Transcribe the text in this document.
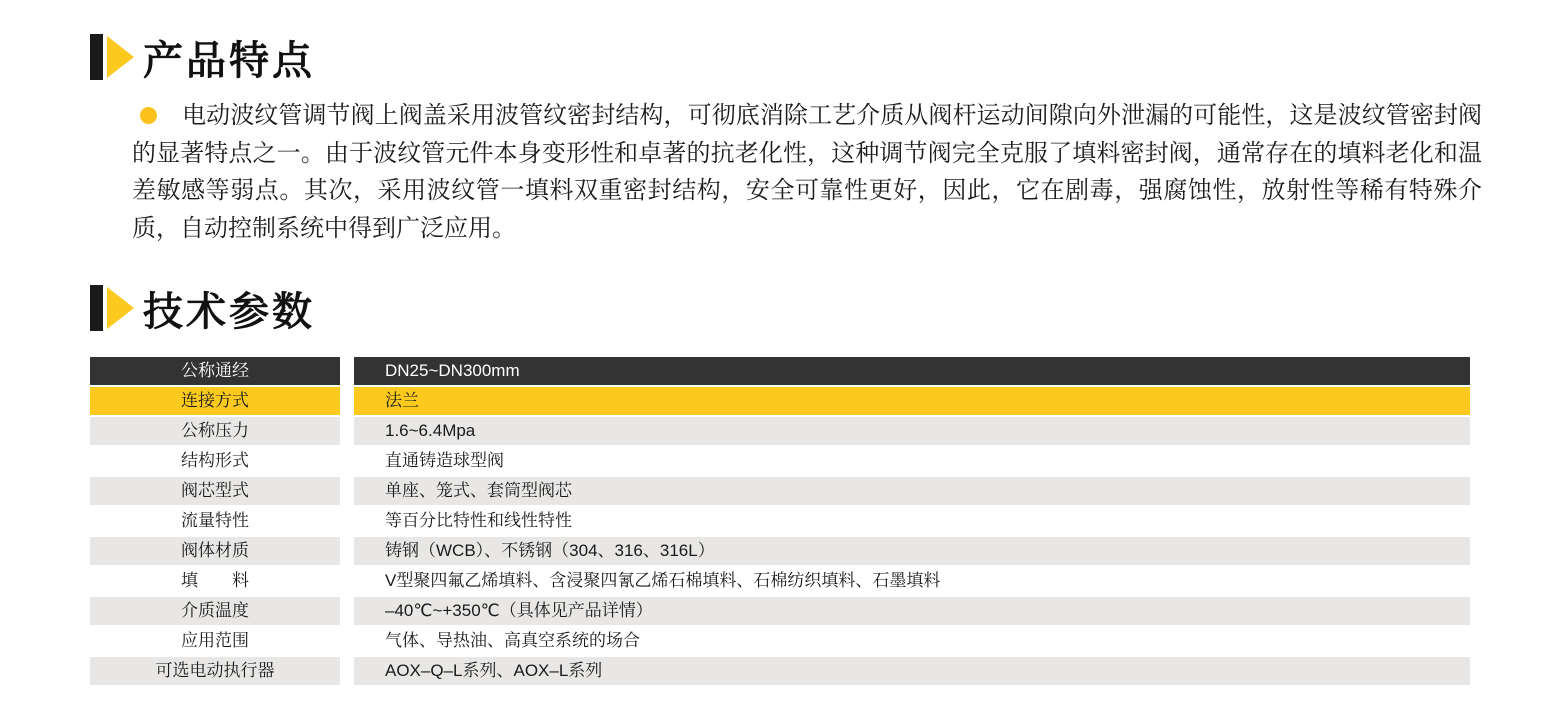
产品特点

电动波纹管调节阀上阀盖采用波管纹密封结构，可彻底消除工艺介质从阀杆运动间隙向外泄漏的可能性，这是波纹管密封阀的显著特点之一。由于波纹管元件本身变形性和卓著的抗老化性，这种调节阀完全克服了填料密封阀，通常存在的填料老化和温差敏感等弱点。其次，采用波纹管一填料双重密封结构，安全可靠性更好，因此，它在剧毒，强腐蚀性，放射性等稀有特殊介质，自动控制系统中得到广泛应用。

技术参数
公称通经	DN25~DN300mm
连接方式	法兰
公称压力	1.6~6.4Mpa
结构形式	直通铸造球型阀
阀芯型式	单座、笼式、套筒型阀芯
流量特性	等百分比特性和线性特性
阀体材质	铸钢（WCB）、不锈钢（304、316、316L）
填　　料	V型聚四氟乙烯填料、含浸聚四氰乙烯石棉填料、石棉纺织填料、石墨填料
介质温度	–40℃~+350℃（具体见产品详情）
应用范围	气体、导热油、高真空系统的场合
可选电动执行器	AOX–Q–L系列、AOX–L系列
